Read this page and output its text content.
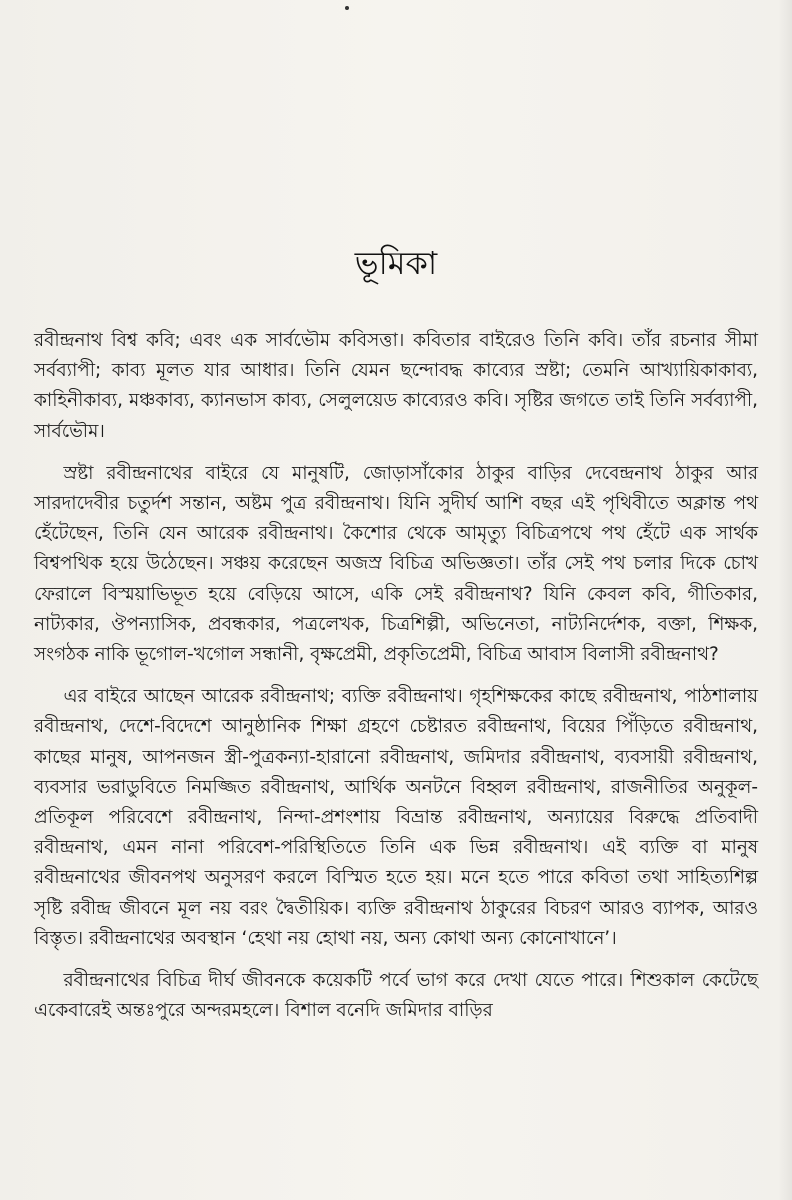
ভূমিকা

রবীন্দ্রনাথ বিশ্ব কবি; এবং এক সার্বভৌম কবিসত্তা। কবিতার বাইরেও তিনি কবি। তাঁর রচনার সীমা সর্বব্যাপী; কাব্য মূলত যার আধার। তিনি যেমন ছন্দোবদ্ধ কাব্যের স্রষ্টা; তেমনি আখ্যায়িকাকাব্য, কাহিনীকাব্য, মঞ্চকাব্য, ক্যানভাস কাব্য, সেলুলয়েড কাব্যেরও কবি। সৃষ্টির জগতে তাই তিনি সর্বব্যাপী, সার্বভৌম।

স্রষ্টা রবীন্দ্রনাথের বাইরে যে মানুষটি, জোড়াসাঁকোর ঠাকুর বাড়ির দেবেন্দ্রনাথ ঠাকুর আর সারদাদেবীর চতুর্দশ সন্তান, অষ্টম পুত্র রবীন্দ্রনাথ। যিনি সুদীর্ঘ আশি বছর এই পৃথিবীতে অক্লান্ত পথ হেঁটেছেন, তিনি যেন আরেক রবীন্দ্রনাথ। কৈশোর থেকে আমৃত্যু বিচিত্রপথে পথ হেঁটে এক সার্থক বিশ্বপথিক হয়ে উঠেছেন। সঞ্চয় করেছেন অজস্র বিচিত্র অভিজ্ঞতা। তাঁর সেই পথ চলার দিকে চোখ ফেরালে বিস্ময়াভিভূত হয়ে বেড়িয়ে আসে, একি সেই রবীন্দ্রনাথ? যিনি কেবল কবি, গীতিকার, নাট্যকার, ঔপন্যাসিক, প্রবন্ধকার, পত্রলেখক, চিত্রশিল্পী, অভিনেতা, নাট্যনির্দেশক, বক্তা, শিক্ষক, সংগঠক নাকি ভূগোল-খগোল সন্ধানী, বৃক্ষপ্রেমী, প্রকৃতিপ্রেমী, বিচিত্র আবাস বিলাসী রবীন্দ্রনাথ?

এর বাইরে আছেন আরেক রবীন্দ্রনাথ; ব্যক্তি রবীন্দ্রনাথ। গৃহশিক্ষকের কাছে রবীন্দ্রনাথ, পাঠশালায় রবীন্দ্রনাথ, দেশে-বিদেশে আনুষ্ঠানিক শিক্ষা গ্রহণে চেষ্টারত রবীন্দ্রনাথ, বিয়ের পিঁড়িতে রবীন্দ্রনাথ, কাছের মানুষ, আপনজন স্ত্রী-পুত্রকন্যা-হারানো রবীন্দ্রনাথ, জমিদার রবীন্দ্রনাথ, ব্যবসায়ী রবীন্দ্রনাথ, ব্যবসার ভরাডুবিতে নিমজ্জিত রবীন্দ্রনাথ, আর্থিক অনটনে বিহ্বল রবীন্দ্রনাথ, রাজনীতির অনুকূল-প্রতিকূল পরিবেশে রবীন্দ্রনাথ, নিন্দা-প্রশংশায় বিভ্রান্ত রবীন্দ্রনাথ, অন্যায়ের বিরুদ্ধে প্রতিবাদী রবীন্দ্রনাথ, এমন নানা পরিবেশ-পরিস্থিতিতে তিনি এক ভিন্ন রবীন্দ্রনাথ। এই ব্যক্তি বা মানুষ রবীন্দ্রনাথের জীবনপথ অনুসরণ করলে বিস্মিত হতে হয়। মনে হতে পারে কবিতা তথা সাহিত্যশিল্প সৃষ্টি রবীন্দ্র জীবনে মূল নয় বরং দ্বৈতীয়িক। ব্যক্তি রবীন্দ্রনাথ ঠাকুরের বিচরণ আরও ব্যাপক, আরও বিস্তৃত। রবীন্দ্রনাথের অবস্থান ‘হেথা নয় হোথা নয়, অন্য কোথা অন্য কোনোখানে’।

রবীন্দ্রনাথের বিচিত্র দীর্ঘ জীবনকে কয়েকটি পর্বে ভাগ করে দেখা যেতে পারে। শিশুকাল কেটেছে একেবারেই অন্তঃপুরে অন্দরমহলে। বিশাল বনেদি জমিদার বাড়ির
